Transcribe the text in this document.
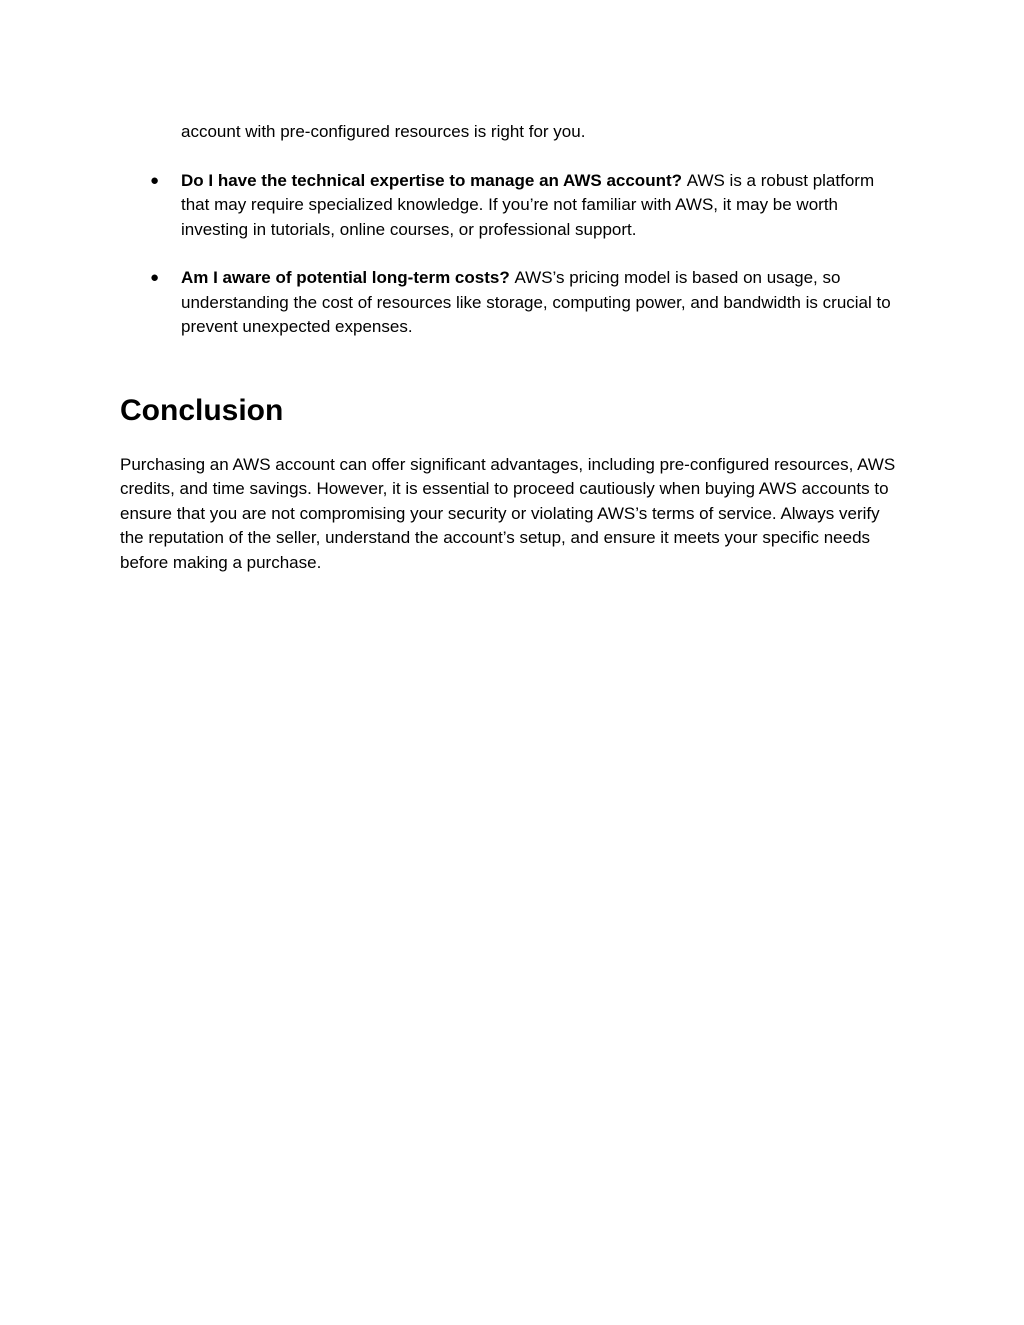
account with pre-configured resources is right for you.

● Do I have the technical expertise to manage an AWS account? AWS is a robust platform that may require specialized knowledge. If you’re not familiar with AWS, it may be worth investing in tutorials, online courses, or professional support.
● Am I aware of potential long-term costs? AWS’s pricing model is based on usage, so understanding the cost of resources like storage, computing power, and bandwidth is crucial to prevent unexpected expenses.
Conclusion

Purchasing an AWS account can offer significant advantages, including pre-configured resources, AWS credits, and time savings. However, it is essential to proceed cautiously when buying AWS accounts to ensure that you are not compromising your security or violating AWS’s terms of service. Always verify the reputation of the seller, understand the account’s setup, and ensure it meets your specific needs before making a purchase.
